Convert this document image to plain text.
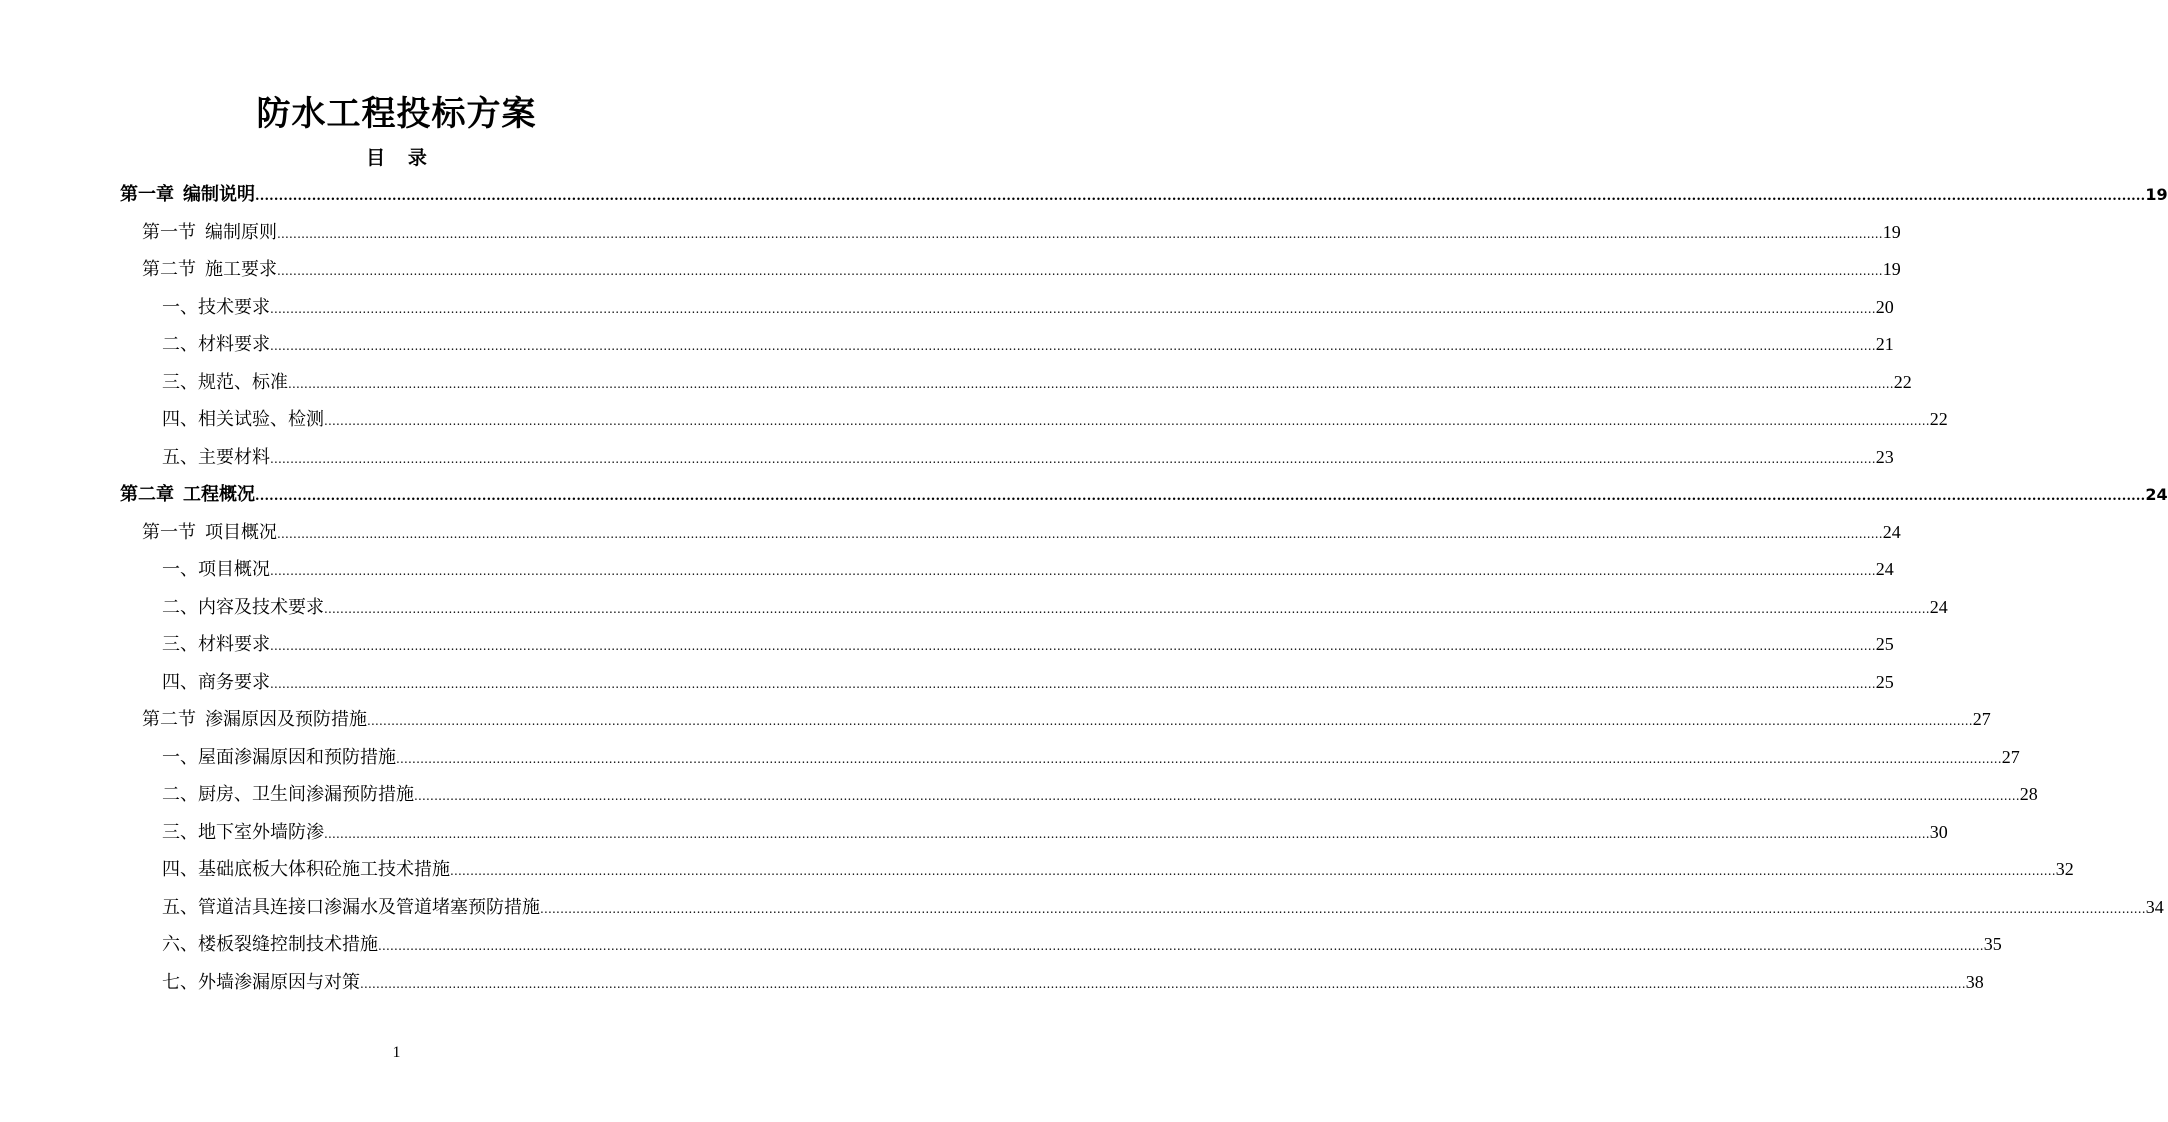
防水工程投标方案
目 录
第一章 编制说明 ................................................................................................................................................................................................................................................................................................................................................................................................................ 19
第一节 编制原则 ................................................................................................................................................................................................................................................................................................................................................................................................................ 19
第二节 施工要求 ................................................................................................................................................................................................................................................................................................................................................................................................................ 19
一、技术要求 ................................................................................................................................................................................................................................................................................................................................................................................................................ 20
二、材料要求 ................................................................................................................................................................................................................................................................................................................................................................................................................ 21
三、规范、标准 ................................................................................................................................................................................................................................................................................................................................................................................................................ 22
四、相关试验、检测 ................................................................................................................................................................................................................................................................................................................................................................................................................ 22
五、主要材料 ................................................................................................................................................................................................................................................................................................................................................................................................................ 23
第二章 工程概况 ................................................................................................................................................................................................................................................................................................................................................................................................................ 24
第一节 项目概况 ................................................................................................................................................................................................................................................................................................................................................................................................................ 24
一、项目概况 ................................................................................................................................................................................................................................................................................................................................................................................................................ 24
二、内容及技术要求 ................................................................................................................................................................................................................................................................................................................................................................................................................ 24
三、材料要求 ................................................................................................................................................................................................................................................................................................................................................................................................................ 25
四、商务要求 ................................................................................................................................................................................................................................................................................................................................................................................................................ 25
第二节 渗漏原因及预防措施 ................................................................................................................................................................................................................................................................................................................................................................................................................ 27
一、屋面渗漏原因和预防措施 ................................................................................................................................................................................................................................................................................................................................................................................................................ 27
二、厨房、卫生间渗漏预防措施 ................................................................................................................................................................................................................................................................................................................................................................................................................ 28
三、地下室外墙防渗 ................................................................................................................................................................................................................................................................................................................................................................................................................ 30
四、基础底板大体积砼施工技术措施 ................................................................................................................................................................................................................................................................................................................................................................................................................ 32
五、管道洁具连接口渗漏水及管道堵塞预防措施 ................................................................................................................................................................................................................................................................................................................................................................................................................ 34
六、楼板裂缝控制技术措施 ................................................................................................................................................................................................................................................................................................................................................................................................................ 35
七、外墙渗漏原因与对策 ................................................................................................................................................................................................................................................................................................................................................................................................................ 38
1
